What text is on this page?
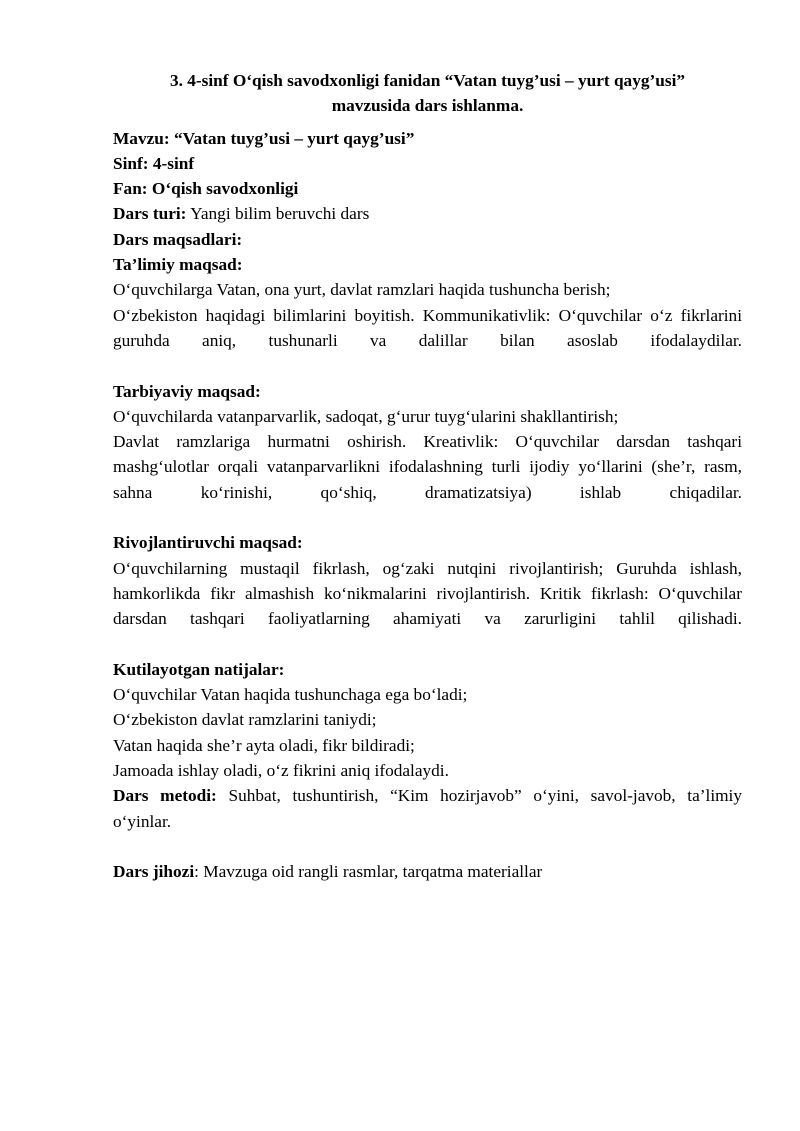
3. 4-sinf O‘qish savodxonligi fanidan “Vatan tuyg’usi – yurt qayg’usi”
mavzusida dars ishlanma.
Mavzu: “Vatan tuyg’usi – yurt qayg’usi”
Sinf: 4-sinf
Fan: O‘qish savodxonligi
Dars turi: Yangi bilim beruvchi dars
Dars maqsadlari:
Ta’limiy maqsad:
O‘quvchilarga Vatan, ona yurt, davlat ramzlari haqida tushuncha berish;
O‘zbekiston haqidagi bilimlarini boyitish. Kommunikativlik: O‘quvchilar o‘z fikrlarini guruhda aniq, tushunarli va dalillar bilan asoslab ifodalaydilar.
Tarbiyaviy maqsad:
O‘quvchilarda vatanparvarlik, sadoqat, g‘urur tuyg‘ularini shakllantirish;
Davlat ramzlariga hurmatni oshirish. Kreativlik: O‘quvchilar darsdan tashqari mashg‘ulotlar orqali vatanparvarlikni ifodalashning turli ijodiy yo‘llarini (she’r, rasm, sahna ko‘rinishi, qo‘shiq, dramatizatsiya) ishlab chiqadilar.
Rivojlantiruvchi maqsad:
O‘quvchilarning mustaqil fikrlash, og‘zaki nutqini rivojlantirish; Guruhda ishlash, hamkorlikda fikr almashish ko‘nikmalarini rivojlantirish. Kritik fikrlash: O‘quvchilar darsdan tashqari faoliyatlarning ahamiyati va zarurligini tahlil qilishadi.
Kutilayotgan natijalar:
O‘quvchilar Vatan haqida tushunchaga ega bo‘ladi;
O‘zbekiston davlat ramzlarini taniydi;
Vatan haqida she’r ayta oladi, fikr bildiradi;
Jamoada ishlay oladi, o‘z fikrini aniq ifodalaydi.
Dars metodi: Suhbat, tushuntirish, “Kim hozirjavob” o‘yini, savol-javob, ta’limiy o‘yinlar.
Dars jihozi: Mavzuga oid rangli rasmlar, tarqatma materiallar
